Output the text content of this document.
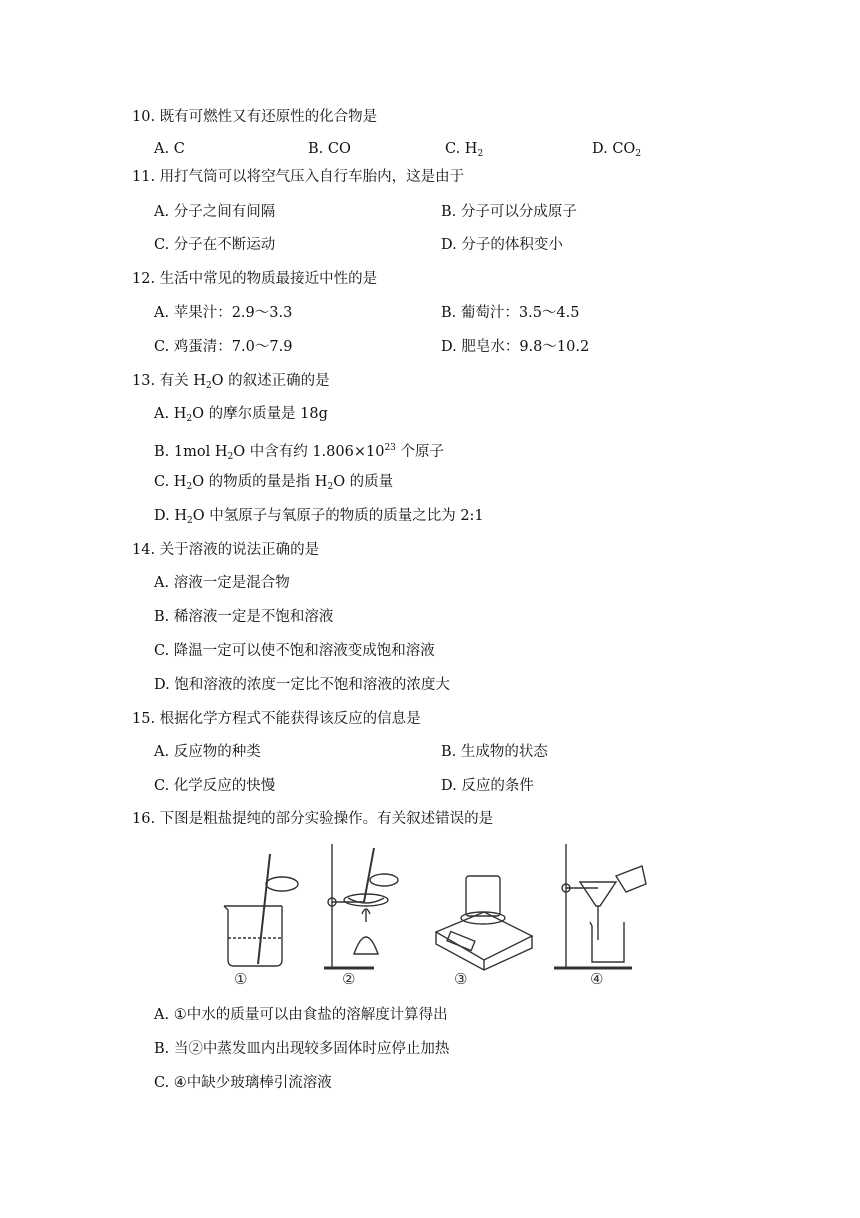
10. 既有可燃性又有还原性的化合物是
A. C	B. CO	C. $H_2$	D. $CO_2$
11. 用打气筒可以将空气压入自行车胎内，这是由于
A. 分子之间有间隔	B. 分子可以分成原子
C. 分子在不断运动	D. 分子的体积变小
12. 生活中常见的物质最接近中性的是
A. 苹果汁：2.9～3.3	B. 葡萄汁：3.5～4.5
C. 鸡蛋清：7.0～7.9	D. 肥皂水：9.8～10.2
13. 有关 $H_2O$ 的叙述正确的是
A. $H_2O$ 的摩尔质量是 18g
B. 1mol $H_2O$ 中含有约 $1.806\times 10^{23}$ 个原子
C. $H_2O$ 的物质的量是指 $H_2O$ 的质量
D. $H_2O$ 中氢原子与氧原子的物质的质量之比为 2:1
14. 关于溶液的说法正确的是
A. 溶液一定是混合物
B. 稀溶液一定是不饱和溶液
C. 降温一定可以使不饱和溶液变成饱和溶液
D. 饱和溶液的浓度一定比不饱和溶液的浓度大
15. 根据化学方程式不能获得该反应的信息是
A. 反应物的种类	B. 生成物的状态
C. 化学反应的快慢	D. 反应的条件
16. 下图是粗盐提纯的部分实验操作。有关叙述错误的是
①	②	③	④
A. ①中水的质量可以由食盐的溶解度计算得出
B. 当②中蒸发皿内出现较多固体时应停止加热
C. ④中缺少玻璃棒引流溶液
